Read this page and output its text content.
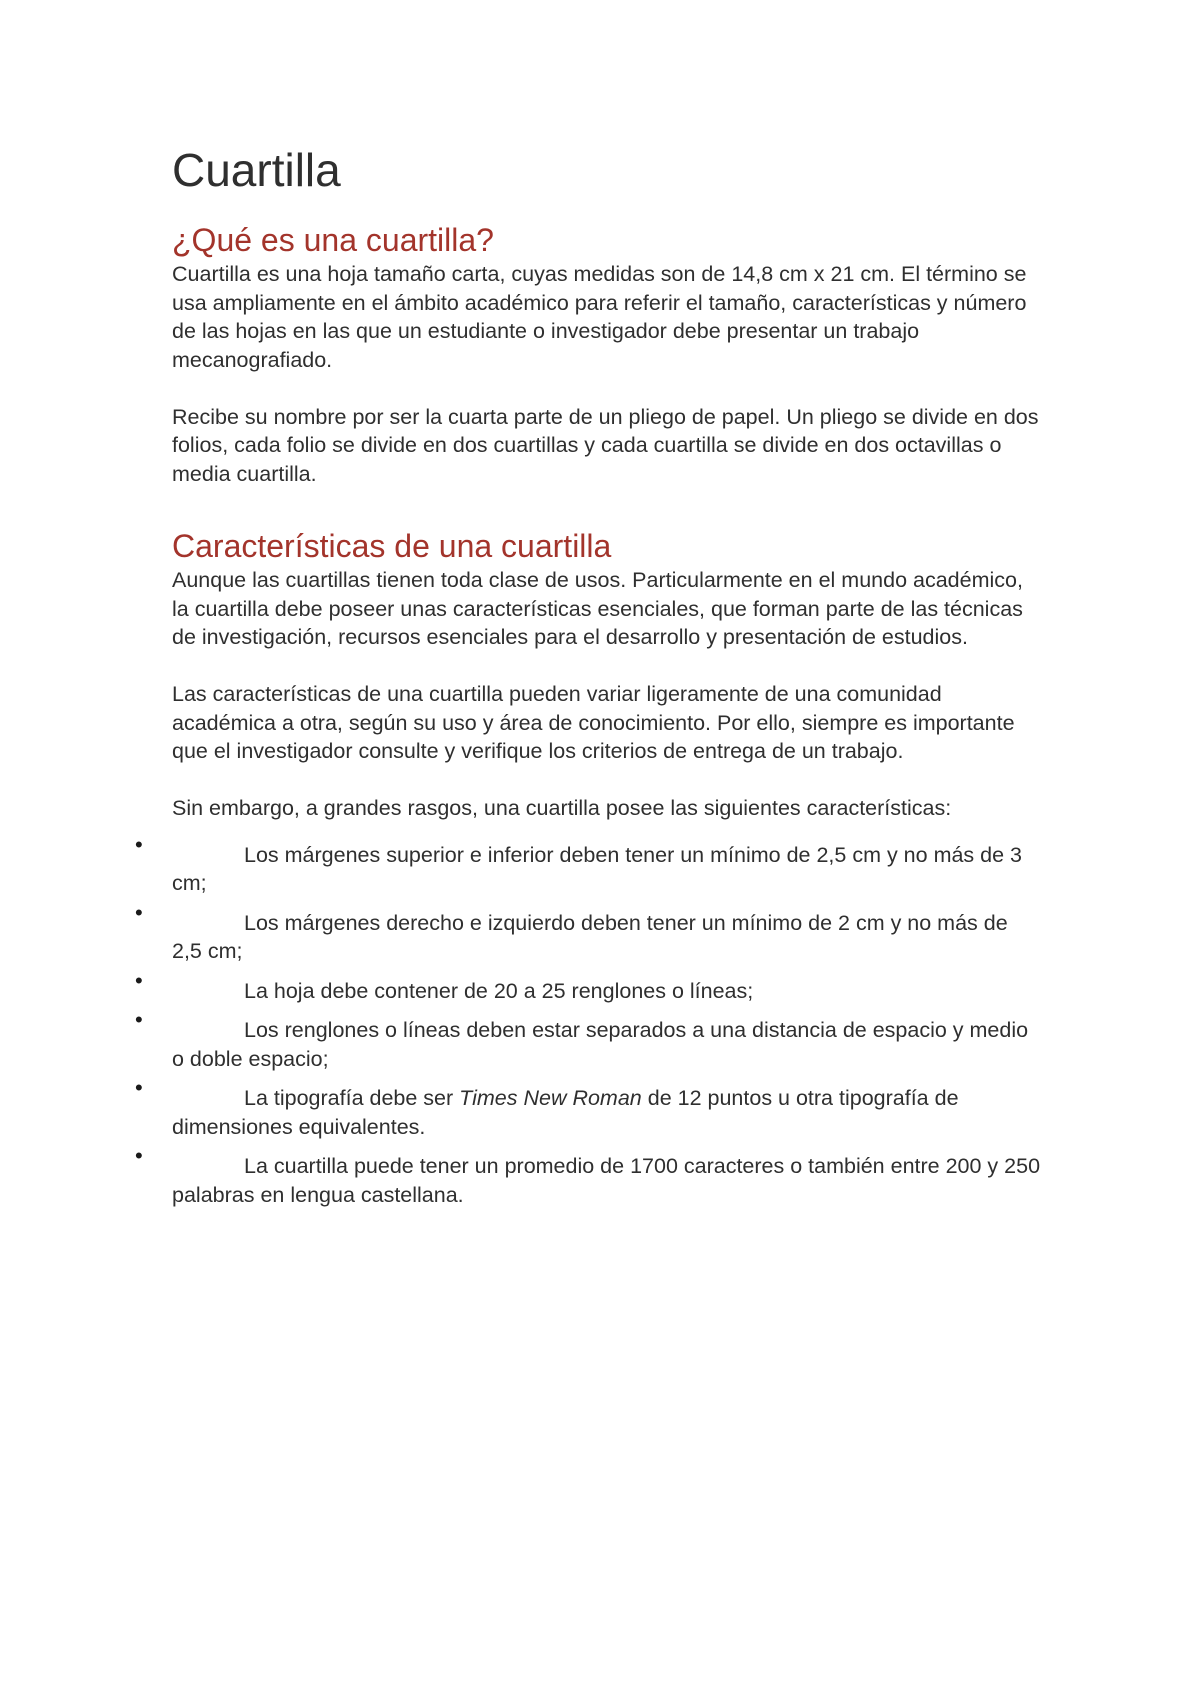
Cuartilla
¿Qué es una cuartilla?

Cuartilla es una hoja tamaño carta, cuyas medidas son de 14,8 cm x 21 cm. El término se usa ampliamente en el ámbito académico para referir el tamaño, características y número de las hojas en las que un estudiante o investigador debe presentar un trabajo mecanografiado.

Recibe su nombre por ser la cuarta parte de un pliego de papel. Un pliego se divide en dos folios, cada folio se divide en dos cuartillas y cada cuartilla se divide en dos octavillas o media cuartilla.

Características de una cuartilla

Aunque las cuartillas tienen toda clase de usos. Particularmente en el mundo académico, la cuartilla debe poseer unas características esenciales, que forman parte de las técnicas de investigación, recursos esenciales para el desarrollo y presentación de estudios.

Las características de una cuartilla pueden variar ligeramente de una comunidad académica a otra, según su uso y área de conocimiento. Por ello, siempre es importante que el investigador consulte y verifique los criterios de entrega de un trabajo.

Sin embargo, a grandes rasgos, una cuartilla posee las siguientes características:

•	Los márgenes superior e inferior deben tener un mínimo de 2,5 cm y no más de 3 cm;
•	Los márgenes derecho e izquierdo deben tener un mínimo de 2 cm y no más de 2,5 cm;
•	La hoja debe contener de 20 a 25 renglones o líneas;
•	Los renglones o líneas deben estar separados a una distancia de espacio y medio o doble espacio;
•	La tipografía debe ser Times New Roman de 12 puntos u otra tipografía de dimensiones equivalentes.
•	La cuartilla puede tener un promedio de 1700 caracteres o también entre 200 y 250 palabras en lengua castellana.
